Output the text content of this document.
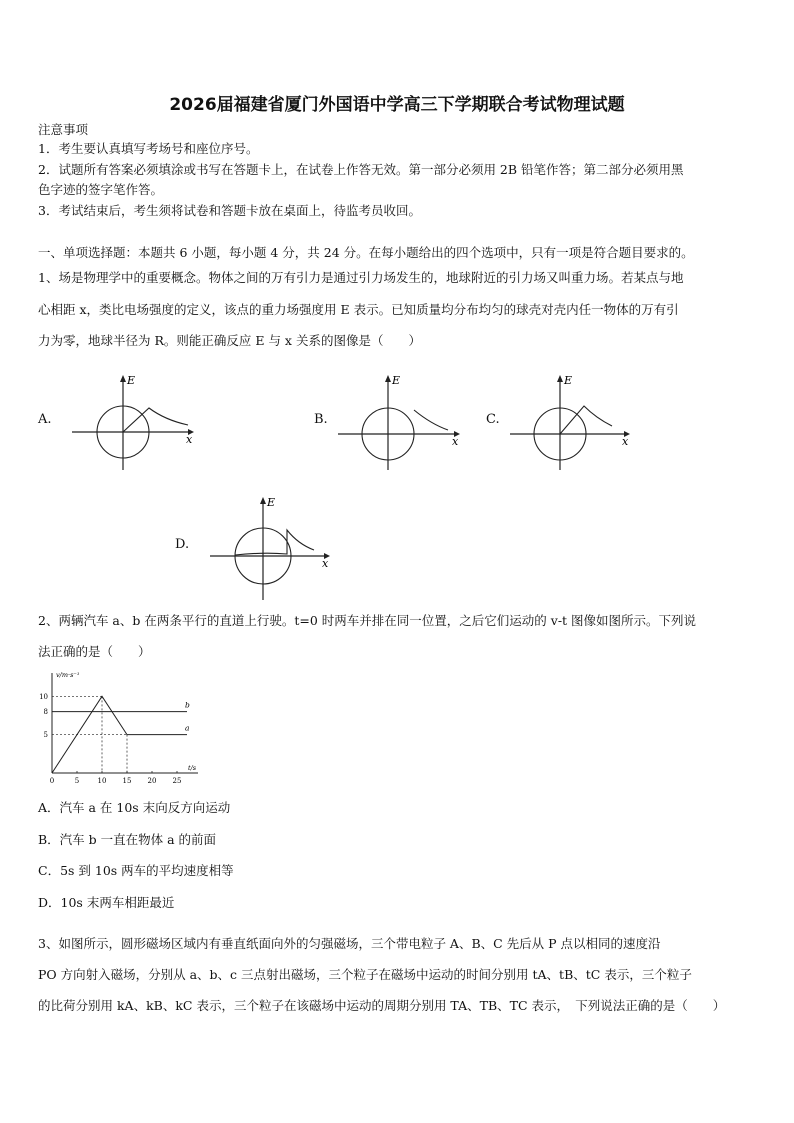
2026届福建省厦门外国语中学高三下学期联合考试物理试题
注意事项
1．考生要认真填写考场号和座位序号。
2．试题所有答案必须填涂或书写在答题卡上，在试卷上作答无效。第一部分必须用 2B 铅笔作答；第二部分必须用黑
色字迹的签字笔作答。
3．考试结束后，考生须将试卷和答题卡放在桌面上，待监考员收回。
一、单项选择题：本题共 6 小题，每小题 4 分，共 24 分。在每小题给出的四个选项中，只有一项是符合题目要求的。
1、场是物理学中的重要概念。物体之间的万有引力是通过引力场发生的，地球附近的引力场又叫重力场。若某点与地
心相距 x，类比电场强度的定义，该点的重力场强度用 E 表示。已知质量均分布均匀的球壳对壳内任一物体的万有引
力为零，地球半径为 R。则能正确反应 E 与 x 关系的图像是（　　）
A.
E
x
B.
E
x
C.
E
x
D.
E
x
2、两辆汽车 a、b 在两条平行的直道上行驶。t=0 时两车并排在同一位置，之后它们运动的 v-t 图像如图所示。下列说
法正确的是（　　）
v/m·s⁻¹
t/s
0	5	10 15 20 25
10
8
5
a
b
A．汽车 a 在 10s 末向反方向运动
B．汽车 b 一直在物体 a 的前面
C．5s 到 10s 两车的平均速度相等
D．10s 末两车相距最近
3、如图所示，圆形磁场区域内有垂直纸面向外的匀强磁场，三个带电粒子 A、B、C 先后从 P 点以相同的速度沿
PO 方向射入磁场，分别从 a、b、c 三点射出磁场，三个粒子在磁场中运动的时间分别用 tA、tB、tC 表示，三个粒子
的比荷分别用 kA、kB、kC 表示，三个粒子在该磁场中运动的周期分别用 TA、TB、TC 表示，　下列说法正确的是（　　）
